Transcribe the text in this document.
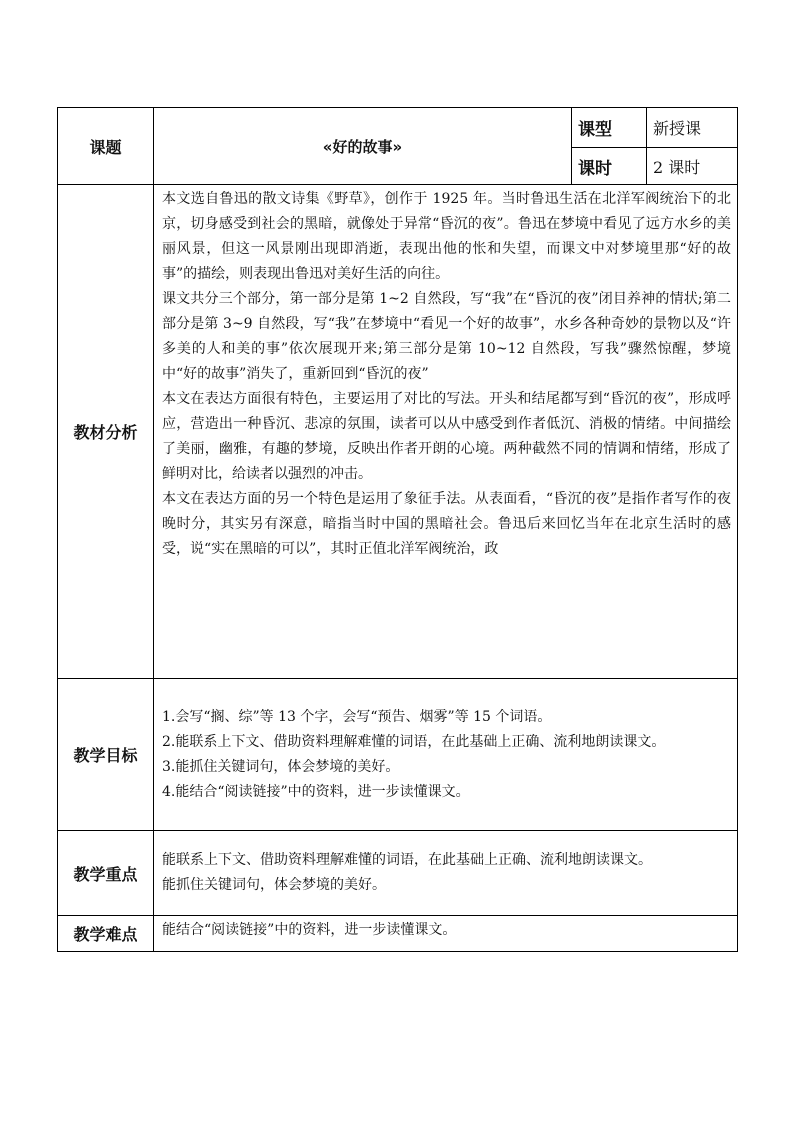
课题	«好的故事»	课型	新授课
		课时	2 课时
教材分析	本文选自鲁迅的散文诗集《野草》，创作于 1925 年。当时鲁迅生活在北洋军阀统治下的北京，切身感受到社会的黑暗，就像处于异常“昏沉的夜”。鲁迅在梦境中看见了远方水乡的美丽风景，但这一风景刚出现即消逝，表现出他的怅和失望，而课文中对梦境里那“好的故事”的描绘，则表现出鲁迅对美好生活的向往。

课文共分三个部分，第一部分是第 1~2 自然段，写“我”在“昏沉的夜”闭目养神的情状;第二部分是第 3~9 自然段，写“我”在梦境中“看见一个好的故事”，水乡各种奇妙的景物以及“许多美的人和美的事”依次展现开来;第三部分是第 10~12 自然段，写我”骤然惊醒，梦境中“好的故事”消失了，重新回到“昏沉的夜”

本文在表达方面很有特色，主要运用了对比的写法。开头和结尾都写到“昏沉的夜”，形成呼应，营造出一种昏沉、悲凉的氛围，读者可以从中感受到作者低沉、消极的情绪。中间描绘了美丽，幽雅，有趣的梦境，反映出作者开朗的心境。两种截然不同的情调和情绪，形成了鲜明对比，给读者以强烈的冲击。

本文在表达方面的另一个特色是运用了象征手法。从表面看，“昏沉的夜”是指作者写作的夜晚时分，其实另有深意，暗指当时中国的黑暗社会。鲁迅后来回忆当年在北京生活时的感受，说“实在黑暗的可以”，其时正值北洋军阀统治，政		

教学目标	1.会写“搁、综”等 13 个字，会写“预告、烟雾”等 15 个词语。

2.能联系上下文、借助资料理解难懂的词语，在此基础上正确、流利地朗读课文。

3.能抓住关键词句，体会梦境的美好。

4.能结合“阅读链接”中的资料，进一步读懂课文。		

教学重点	能联系上下文、借助资料理解难懂的词语，在此基础上正确、流利地朗读课文。

能抓住关键词句，体会梦境的美好。		

教学难点	能结合“阅读链接”中的资料，进一步读懂课文。		
